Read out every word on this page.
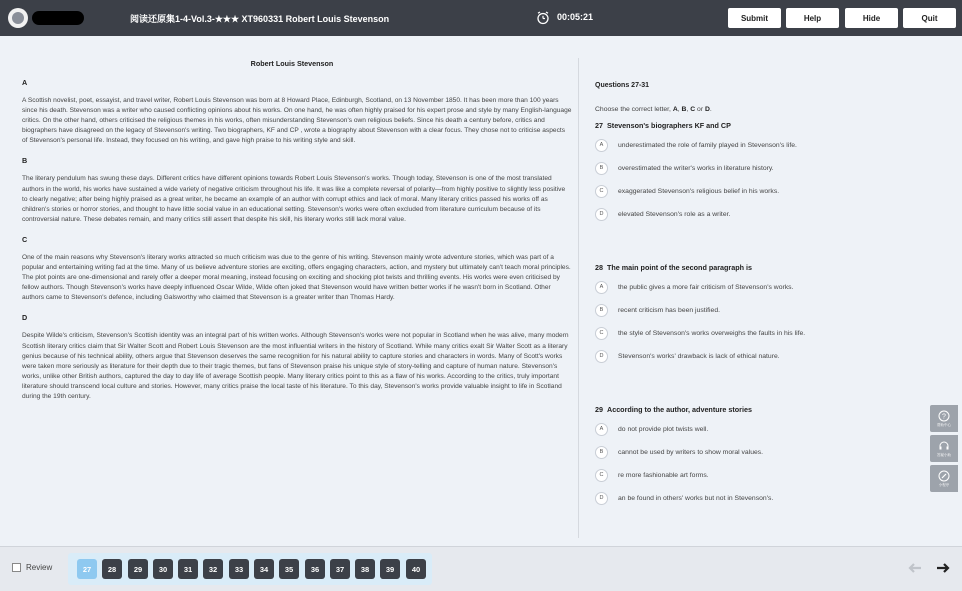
阅读还原集1-4-Vol.3-★★★ XT960331 Robert Louis Stevenson	00:05:21	Submit	Help	Hide	Quit
Robert Louis Stevenson
A

A Scottish novelist, poet, essayist, and travel writer, Robert Louis Stevenson was born at 8 Howard Place, Edinburgh, Scotland, on 13 November 1850. It has been more than 100 years since his death. Stevenson was a writer who caused conflicting opinions about his works. On one hand, he was often highly praised for his expert prose and style by many English-language critics. On the other hand, others criticised the religious themes in his works, often misunderstanding Stevenson's own religious beliefs. Since his death a century before, critics and biographers have disagreed on the legacy of Stevenson's writing. Two biographers, KF and CP , wrote a biography about Stevenson with a clear focus. They chose not to criticise aspects of Stevenson's personal life. Instead, they focused on his writing, and gave high praise to his writing style and skill.

B

The literary pendulum has swung these days. Different critics have different opinions towards Robert Louis Stevenson's works. Though today, Stevenson is one of the most translated authors in the world, his works have sustained a wide variety of negative criticism throughout his life. It was like a complete reversal of polarity—from highly positive to slightly less positive to clearly negative; after being highly praised as a great writer, he became an example of an author with corrupt ethics and lack of moral. Many literary critics passed his works off as children's stories or horror stories, and thought to have little social value in an educational setting. Stevenson's works were often excluded from literature curriculum because of its controversial nature. These debates remain, and many critics still assert that despite his skill, his literary works still lack moral value.

C

One of the main reasons why Stevenson's literary works attracted so much criticism was due to the genre of his writing. Stevenson mainly wrote adventure stories, which was part of a popular and entertaining writing fad at the time. Many of us believe adventure stories are exciting, offers engaging characters, action, and mystery but ultimately can't teach moral principles. The plot points are one-dimensional and rarely offer a deeper moral meaning, instead focusing on exciting and shocking plot twists and thrilling events. His works were even criticised by fellow authors. Though Stevenson's works have deeply influenced Oscar Wilde, Wilde often joked that Stevenson would have written better works if he wasn't born in Scotland. Other authors came to Stevenson's defence, including Galsworthy who claimed that Stevenson is a greater writer than Thomas Hardy.

D

Despite Wilde's criticism, Stevenson's Scottish identity was an integral part of his written works. Although Stevenson's works were not popular in Scotland when he was alive, many modern Scottish literary critics claim that Sir Walter Scott and Robert Louis Stevenson are the most influential writers in the history of Scotland. While many critics exalt Sir Walter Scott as a literary genius because of his technical ability, others argue that Stevenson deserves the same recognition for his natural ability to capture stories and characters in words. Many of Scott's works were taken more seriously as literature for their depth due to their tragic themes, but fans of Stevenson praise his unique style of story-telling and capture of human nature. Stevenson's works, unlike other British authors, captured the day to day life of average Scottish people. Many literary critics point to this as a flaw of his works. According to the critics, truly important literature should transcend local culture and stories. However, many critics praise the local taste of his literature. To this day, Stevenson's works provide valuable insight to life in Scotland during the 19th century.

Questions 27-31
Choose the correct letter, A, B, C or D.
27 Stevenson's biographers KF and CP
A	underestimated the role of family played in Stevenson's life.
B	overestimated the writer's works in literature history.
C	exaggerated Stevenson's religious belief in his works.
D	elevated Stevenson's role as a writer.
28 The main point of the second paragraph is
A	the public gives a more fair criticism of Stevenson's works.
B	recent criticism has been justified.
C	the style of Stevenson's works overweighs the faults in his life.
D	Stevenson's works' drawback is lack of ethical nature.
29 According to the author, adventure stories
A	do not provide plot twists well.
B	cannot be used by writers to show moral values.
C	re more fashionable art forms.
D	an be found in others' works but not in Stevenson's.
?
帮助中心
答疑小助
小程序
Review	27	28	29	30	31	32	33	34	35	36	37	38	39	40
